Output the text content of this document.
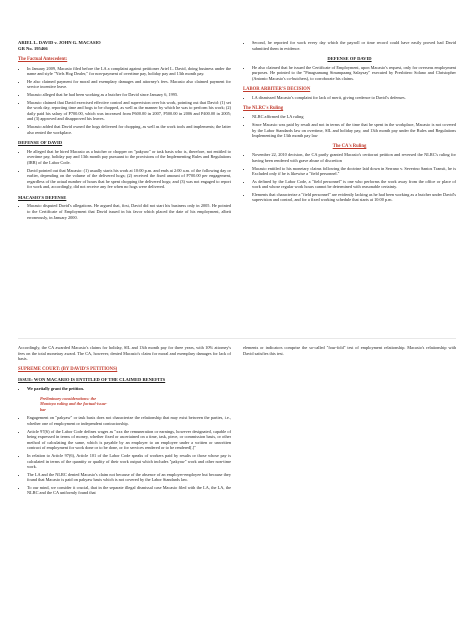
ARIEL L. DAVID v. JOHN G. MACASIO
GR No. 195466
The Factual Antecedent:
• In January 2009, Macasio filed before the LA a complaint against petitioner Ariel L. David, doing business under the name and style "Yiels Hog Dealer," for non-payment of overtime pay, holiday pay and 13th month pay.
• He also claimed payment for moral and exemplary damages and attorney's fees. Macasio also claimed payment for service incentive leave.
• Macasio alleged that he had been working as a butcher for David since January 6, 1995.
• Macasio claimed that David exercised effective control and supervision over his work, pointing out that David: (1) set the work day, reporting time and hogs to be chopped, as well as the manner by which he was to perform his work; (2) daily paid his salary of P700.00, which was increased from P600.00 in 2007, P500.00 in 2006 and P400.00 in 2005; and (3) approved and disapproved his leaves.
• Macasio added that David owned the hogs delivered for chopping, as well as the work tools and implements; the latter also rented the workplace.
DEFENSE OF DAVID
• He alleged that he hired Macasio as a butcher or chopper on "pakyaw" or task basis who is, therefore, not entitled to overtime pay, holiday pay and 13th month pay pursuant to the provisions of the Implementing Rules and Regulations (IRR) of the Labor Code.
• David pointed out that Macasio: (1) usually starts his work at 10:00 p.m. and ends at 2:00 a.m. of the following day or earlier, depending on the volume of the delivered hogs; (2) received the fixed amount of P700.00 per engagement, regardless of the actual number of hours that he spent chopping the delivered hogs; and (3) was not engaged to report for work and, accordingly, did not receive any fee when no hogs were delivered.
MACASIO'S DEFENSE
• Macasio disputed David's allegations. He argued that, first, David did not start his business only in 2005. He pointed to the Certificate of Employment that David issued in his favor which placed the date of his employment, albeit erroneously, in January 2000.
• Second, he reported for work every day which the payroll or time record could have easily proved had David submitted them in evidence.
DEFENSE OF DAVID
• He also claimed that he issued the Certificate of Employment, upon Macasio's request, only for overseas employment purposes. He pointed to the "Pinagsamang Sinumpaang Salaysay" executed by Presbitero Solano and Christopher (Antonio Macasio's co-butchers), to corroborate his claims.
LABOR ARBITER'S DECISION
• LA dismissed Macasio's complaint for lack of merit, giving credence to David's defenses.
The NLRC's Ruling
• NLRC affirmed the LA ruling
• Since Macasio was paid by result and not in terms of the time that he spent in the workplace, Macasio is not covered by the Labor Standards law on overtime, SIL and holiday pay, and 13th month pay under the Rules and Regulations Implementing the 13th month pay law
The CA's Ruling
• November 22, 2010 decision, the CA partly granted Macasio's certiorari petition and reversed the NLRC's ruling for having been rendered with grave abuse of discretion
• Macasio entitled to his monetary claims following the doctrine laid down in Serrano v. Severino Santos Transit, he is Excluded only if he is likewise a "field personnel."
• As defined by the Labor Code, a "field personnel" is one who performs the work away from the office or place of work and whose regular work hours cannot be determined with reasonable certainty.
• Elements that characterize a "field personnel" are evidently lacking as he had been working as a butcher under David's supervision and control, and for a fixed working schedule that starts at 10:00 p.m.

Accordingly, the CA awarded Macasio's claims for holiday, SIL and 13th month pay for three years, with 10% attorney's fees on the total monetary award. The CA, however, denied Macasio's claim for moral and exemplary damages for lack of basis.

SUPREME COURT: (BY DAVID'S PETITIONS)
ISSUE: WON MACARIO IS ENTITLED OF THE CLAIMED BENEFITS
• We partially grant the petition.
Preliminary considerations: the Montoya ruling and the factual-issue-bar
• Engagement on "pakyaw" or task basis does not characterize the relationship that may exist between the parties, i.e., whether one of employment or independent contractorship.
• Article 97(6) of the Labor Code defines wages as "xxx the remuneration or earnings, however designated, capable of being expressed in terms of money, whether fixed or ascertained on a time, task, piece, or commission basis, or other method of calculating the same, which is payable by an employer to an employee under a written or unwritten contract of employment for work done or to be done, or for services rendered or to be rendered[.]"
• In relation to Article 97(6), Article 101 of the Labor Code speaks of workers paid by results or those whose pay is calculated in terms of the quantity or quality of their work output which includes "pakyaw" work and other non-time work.
• The LA and the NLRC denied Macasio's claim not because of the absence of an employer-employee but because they found that Macasio is paid on pakyaw basis which is not covered by the Labor Standards law.
• To our mind, we consider it crucial, that in the separate illegal dismissal case Macasio filed with the LA, the LA, the NLRC and the CA uniformly found that

elements or indicators comprise the so-called "four-fold" test of employment relationship. Macasio's relationship with David satisfies this test.
